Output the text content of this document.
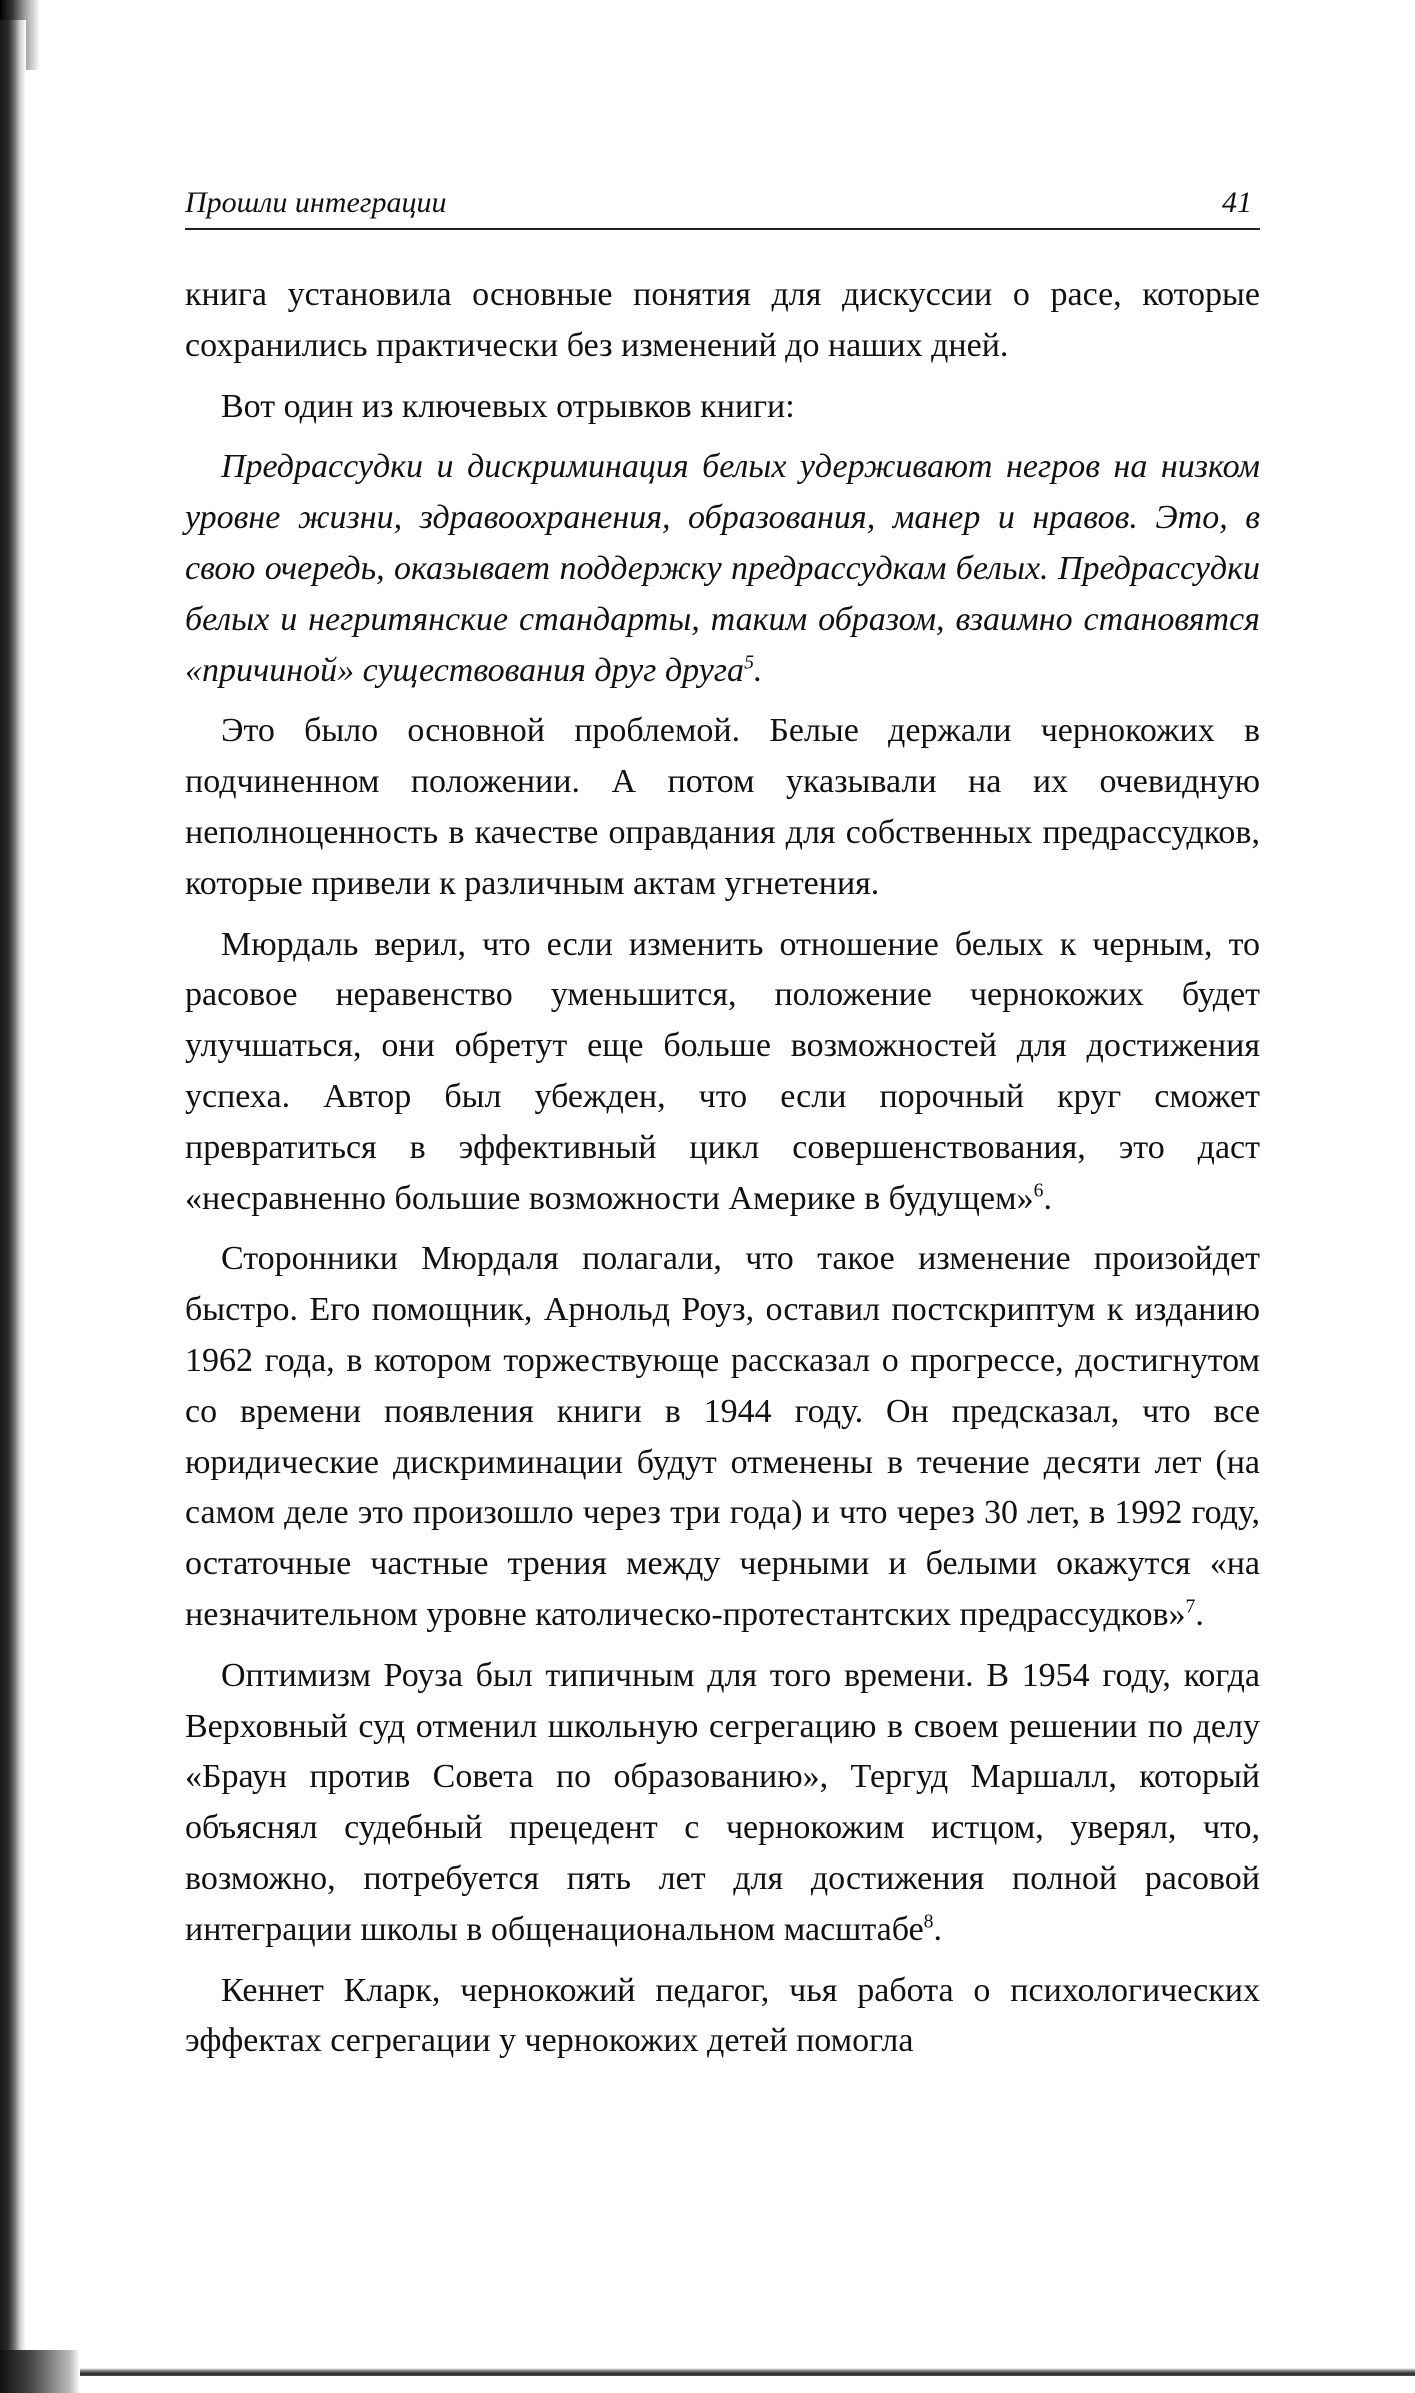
Прошли интеграции	41

книга установила основные понятия для дискуссии о расе, которые сохранились практически без изменений до наших дней.

Вот один из ключевых отрывков книги:

Предрассудки и дискриминация белых удерживают негров на низком уровне жизни, здравоохранения, образования, манер и нравов. Это, в свою очередь, оказывает поддержку предрассудкам белых. Предрассудки белых и негритянские стандарты, таким образом, взаимно становятся «причиной» существования друг друга$^5$.

Это было основной проблемой. Белые держали чернокожих в подчиненном положении. А потом указывали на их очевидную неполноценность в качестве оправдания для собственных предрассудков, которые привели к различным актам угнетения.

Мюрдаль верил, что если изменить отношение белых к черным, то расовое неравенство уменьшится, положение чернокожих будет улучшаться, они обретут еще больше возможностей для достижения успеха. Автор был убежден, что если порочный круг сможет превратиться в эффективный цикл совершенствования, это даст «несравненно большие возможности Америке в будущем»$^6$.

Сторонники Мюрдаля полагали, что такое изменение произойдет быстро. Его помощник, Арнольд Роуз, оставил постскриптум к изданию 1962 года, в котором торжествующе рассказал о прогрессе, достигнутом со времени появления книги в 1944 году. Он предсказал, что все юридические дискриминации будут отменены в течение десяти лет (на самом деле это произошло через три года) и что через 30 лет, в 1992 году, остаточные частные трения между черными и белыми окажутся «на незначительном уровне католическо-протестантских предрассудков»$^7$.

Оптимизм Роуза был типичным для того времени. В 1954 году, когда Верховный суд отменил школьную сегрегацию в своем решении по делу «Браун против Совета по образованию», Тергуд Маршалл, который объяснял судебный прецедент с чернокожим истцом, уверял, что, возможно, потребуется пять лет для достижения полной расовой интеграции школы в общенациональном масштабе$^8$.

Кеннет Кларк, чернокожий педагог, чья работа о психологических эффектах сегрегации у чернокожих детей помогла
